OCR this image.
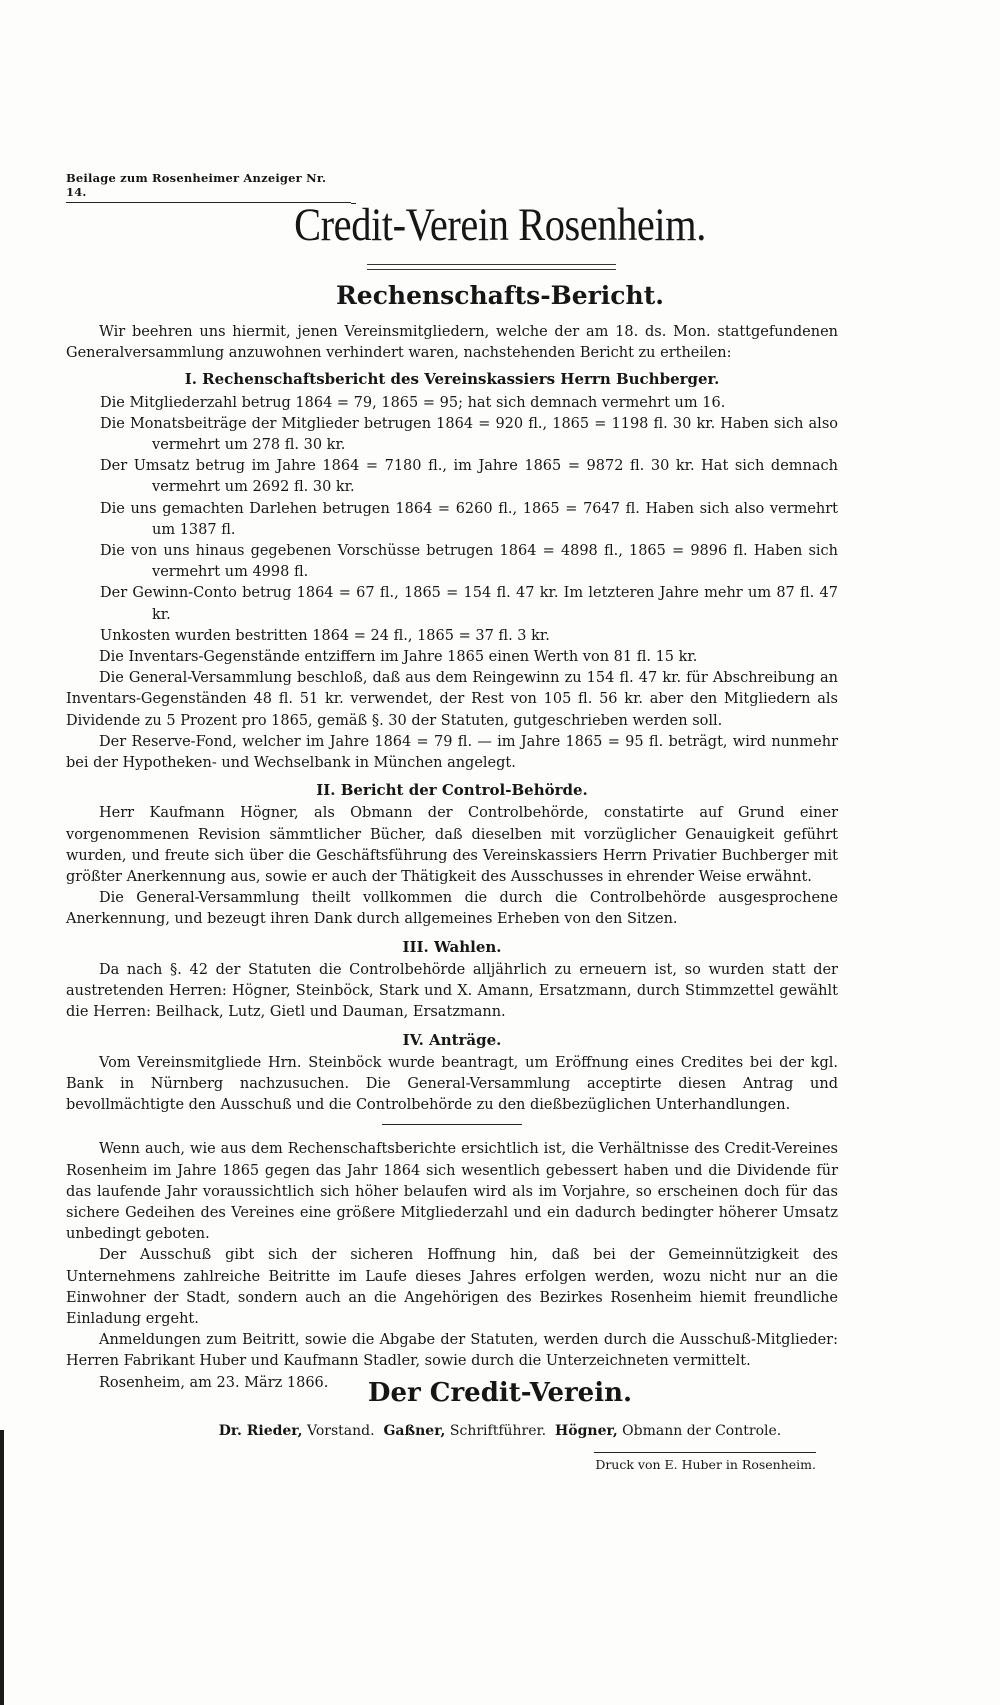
Beilage zum Rosenheimer Anzeiger Nr. 14.
Credit-Verein Rosenheim.
Rechenschafts-Bericht.

Wir beehren uns hiermit, jenen Vereinsmitgliedern, welche der am 18. ds. Mon. stattgefundenen Generalversammlung anzuwohnen verhindert waren, nachstehenden Bericht zu ertheilen:

I. Rechenschaftsbericht des Vereinskassiers Herrn Buchberger.

Die Mitgliederzahl betrug 1864 = 79, 1865 = 95; hat sich demnach vermehrt um 16.

Die Monatsbeiträge der Mitglieder betrugen 1864 = 920 fl., 1865 = 1198 fl. 30 kr. Haben sich also vermehrt um 278 fl. 30 kr.

Der Umsatz betrug im Jahre 1864 = 7180 fl., im Jahre 1865 = 9872 fl. 30 kr. Hat sich demnach vermehrt um 2692 fl. 30 kr.

Die uns gemachten Darlehen betrugen 1864 = 6260 fl., 1865 = 7647 fl. Haben sich also vermehrt um 1387 fl.

Die von uns hinaus gegebenen Vorschüsse betrugen 1864 = 4898 fl., 1865 = 9896 fl. Haben sich vermehrt um 4998 fl.

Der Gewinn-Conto betrug 1864 = 67 fl., 1865 = 154 fl. 47 kr. Im letzteren Jahre mehr um 87 fl. 47 kr.

Unkosten wurden bestritten 1864 = 24 fl., 1865 = 37 fl. 3 kr.

Die Inventars-Gegenstände entziffern im Jahre 1865 einen Werth von 81 fl. 15 kr.

Die General-Versammlung beschloß, daß aus dem Reingewinn zu 154 fl. 47 kr. für Abschreibung an Inventars-Gegenständen 48 fl. 51 kr. verwendet, der Rest von 105 fl. 56 kr. aber den Mitgliedern als Dividende zu 5 Prozent pro 1865, gemäß §. 30 der Statuten, gutgeschrieben werden soll.

Der Reserve-Fond, welcher im Jahre 1864 = 79 fl. — im Jahre 1865 = 95 fl. beträgt, wird nunmehr bei der Hypotheken- und Wechselbank in München angelegt.

II. Bericht der Control-Behörde.

Herr Kaufmann Högner, als Obmann der Controlbehörde, constatirte auf Grund einer vorgenommenen Revision sämmtlicher Bücher, daß dieselben mit vorzüglicher Genauigkeit geführt wurden, und freute sich über die Geschäftsführung des Vereinskassiers Herrn Privatier Buchberger mit größter Anerkennung aus, sowie er auch der Thätigkeit des Ausschusses in ehrender Weise erwähnt.

Die General-Versammlung theilt vollkommen die durch die Controlbehörde ausgesprochene Anerkennung, und bezeugt ihren Dank durch allgemeines Erheben von den Sitzen.

III. Wahlen.

Da nach §. 42 der Statuten die Controlbehörde alljährlich zu erneuern ist, so wurden statt der austretenden Herren: Högner, Steinböck, Stark und X. Amann, Ersatzmann, durch Stimmzettel gewählt die Herren: Beilhack, Lutz, Gietl und Dauman, Ersatzmann.

IV. Anträge.

Vom Vereinsmitgliede Hrn. Steinböck wurde beantragt, um Eröffnung eines Credites bei der kgl. Bank in Nürnberg nachzusuchen. Die General-Versammlung acceptirte diesen Antrag und bevollmächtigte den Ausschuß und die Controlbehörde zu den dießbezüglichen Unterhandlungen.

Wenn auch, wie aus dem Rechenschaftsberichte ersichtlich ist, die Verhältnisse des Credit-Vereines Rosenheim im Jahre 1865 gegen das Jahr 1864 sich wesentlich gebessert haben und die Dividende für das laufende Jahr voraussichtlich sich höher belaufen wird als im Vorjahre, so erscheinen doch für das sichere Gedeihen des Vereines eine größere Mitgliederzahl und ein dadurch bedingter höherer Umsatz unbedingt geboten.

Der Ausschuß gibt sich der sicheren Hoffnung hin, daß bei der Gemeinnützigkeit des Unternehmens zahlreiche Beitritte im Laufe dieses Jahres erfolgen werden, wozu nicht nur an die Einwohner der Stadt, sondern auch an die Angehörigen des Bezirkes Rosenheim hiemit freundliche Einladung ergeht.

Anmeldungen zum Beitritt, sowie die Abgabe der Statuten, werden durch die Ausschuß-Mitglieder: Herren Fabrikant Huber und Kaufmann Stadler, sowie durch die Unterzeichneten vermittelt.

Rosenheim, am 23. März 1866.	Der Credit-Verein.
Dr. Rieder, Vorstand. Gaßner, Schriftführer. Högner, Obmann der Controle.
Druck von E. Huber in Rosenheim.
